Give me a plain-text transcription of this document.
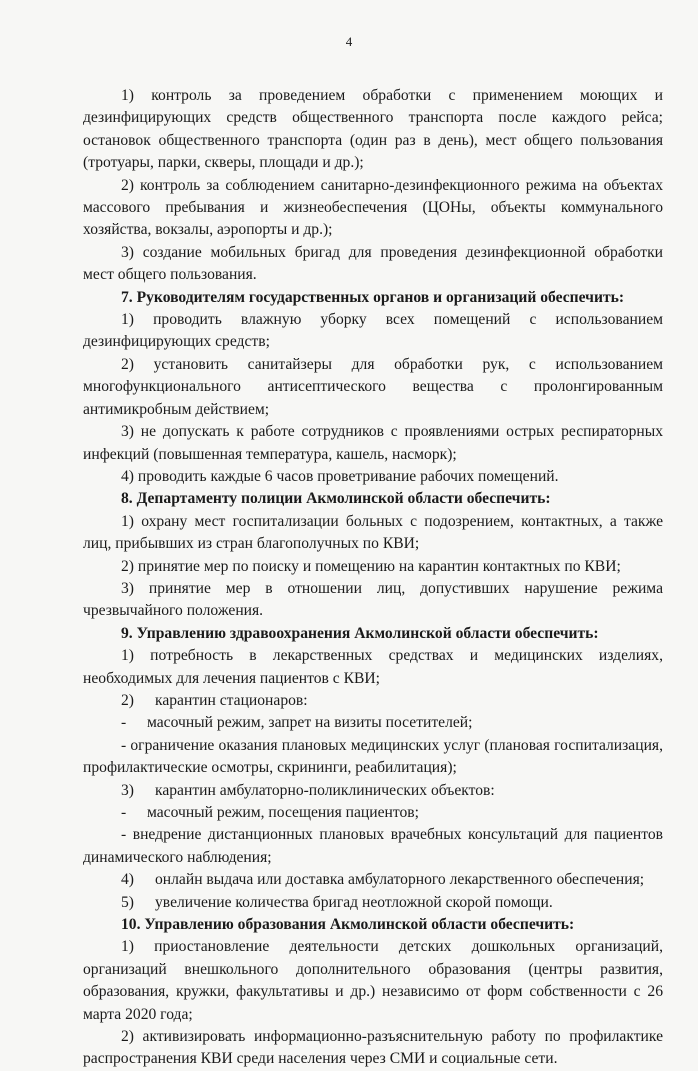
4
1) контроль за проведением обработки с применением моющих и дезинфицирующих средств общественного транспорта после каждого рейса; остановок общественного транспорта (один раз в день), мест общего пользования (тротуары, парки, скверы, площади и др.);
2) контроль за соблюдением санитарно-дезинфекционного режима на объектах массового пребывания и жизнеобеспечения (ЦОНы, объекты коммунального хозяйства, вокзалы, аэропорты и др.);
3) создание мобильных бригад для проведения дезинфекционной обработки мест общего пользования.
7. Руководителям государственных органов и организаций обеспечить:
1) проводить влажную уборку всех помещений с использованием дезинфицирующих средств;
2) установить санитайзеры для обработки рук, с использованием многофункционального антисептического вещества с пролонгированным антимикробным действием;
3) не допускать к работе сотрудников с проявлениями острых респираторных инфекций (повышенная температура, кашель, насморк);
4) проводить каждые 6 часов проветривание рабочих помещений.
8. Департаменту полиции Акмолинской области обеспечить:
1) охрану мест госпитализации больных с подозрением, контактных, а также лиц, прибывших из стран благополучных по КВИ;
2) принятие мер по поиску и помещению на карантин контактных по КВИ;
3) принятие мер в отношении лиц, допустивших нарушение режима чрезвычайного положения.
9. Управлению здравоохранения Акмолинской области обеспечить:
1) потребность в лекарственных средствах и медицинских изделиях, необходимых для лечения пациентов с КВИ;
2) карантин стационаров:
- масочный режим, запрет на визиты посетителей;
- ограничение оказания плановых медицинских услуг (плановая госпитализация, профилактические осмотры, скрининги, реабилитация);
3) карантин амбулаторно-поликлинических объектов:
- масочный режим, посещения пациентов;
- внедрение дистанционных плановых врачебных консультаций для пациентов динамического наблюдения;
4) онлайн выдача или доставка амбулаторного лекарственного обеспечения;
5) увеличение количества бригад неотложной скорой помощи.
10. Управлению образования Акмолинской области обеспечить:
1) приостановление деятельности детских дошкольных организаций, организаций внешкольного дополнительного образования (центры развития, образования, кружки, факультативы и др.) независимо от форм собственности с 26 марта 2020 года;
2) активизировать информационно-разъяснительную работу по профилактике распространения КВИ среди населения через СМИ и социальные сети.
